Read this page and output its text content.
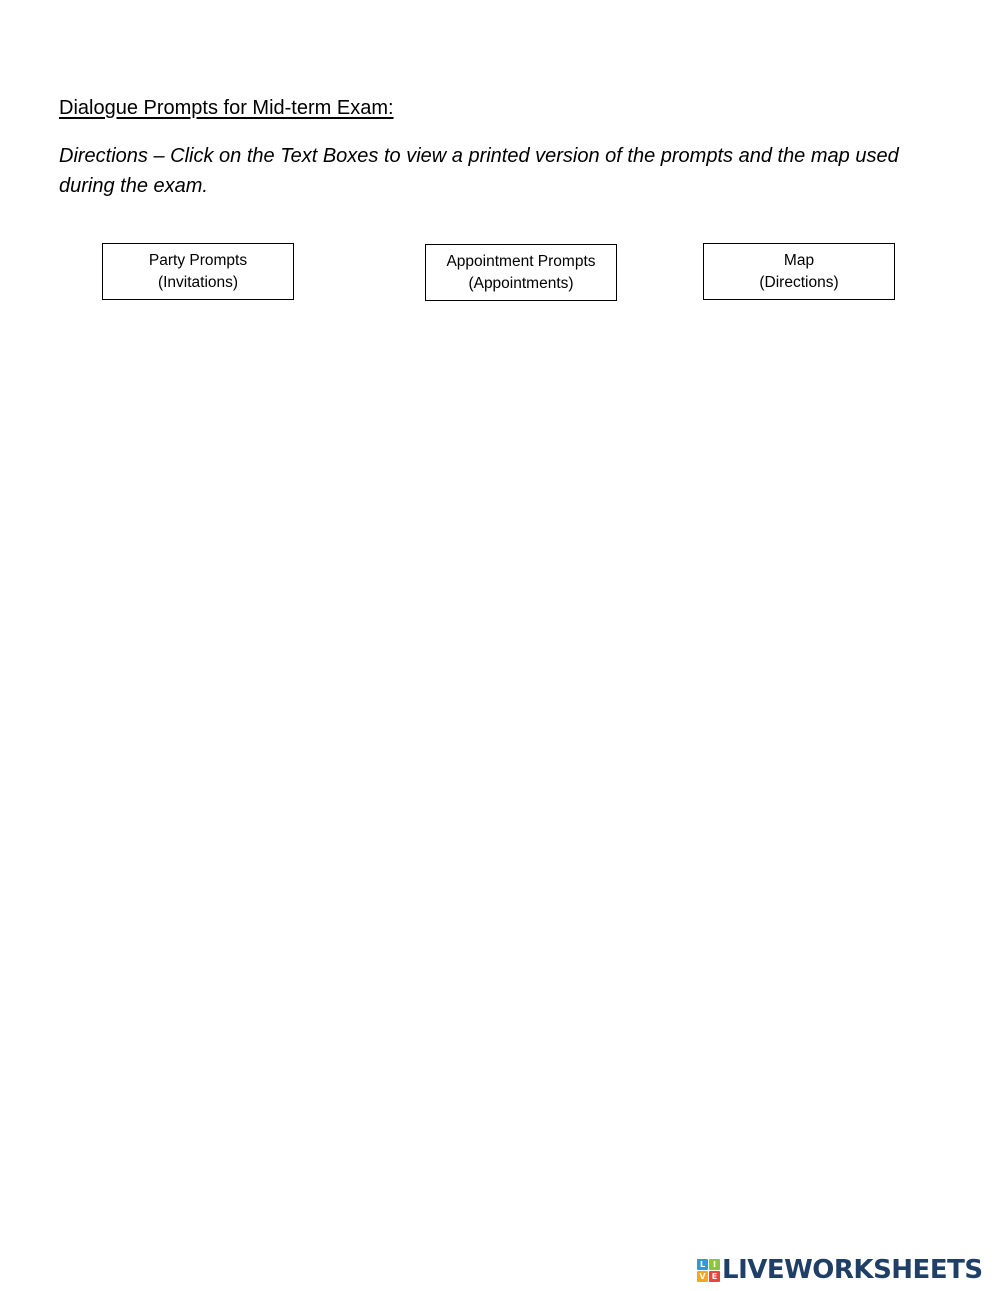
Dialogue Prompts for Mid-term Exam:
Directions – Click on the Text Boxes to view a printed version of the prompts and the map used during the exam.
Party Prompts
(Invitations)
Appointment Prompts
(Appointments)
Map
(Directions)
L I
V E LIVEWORKSHEETS
